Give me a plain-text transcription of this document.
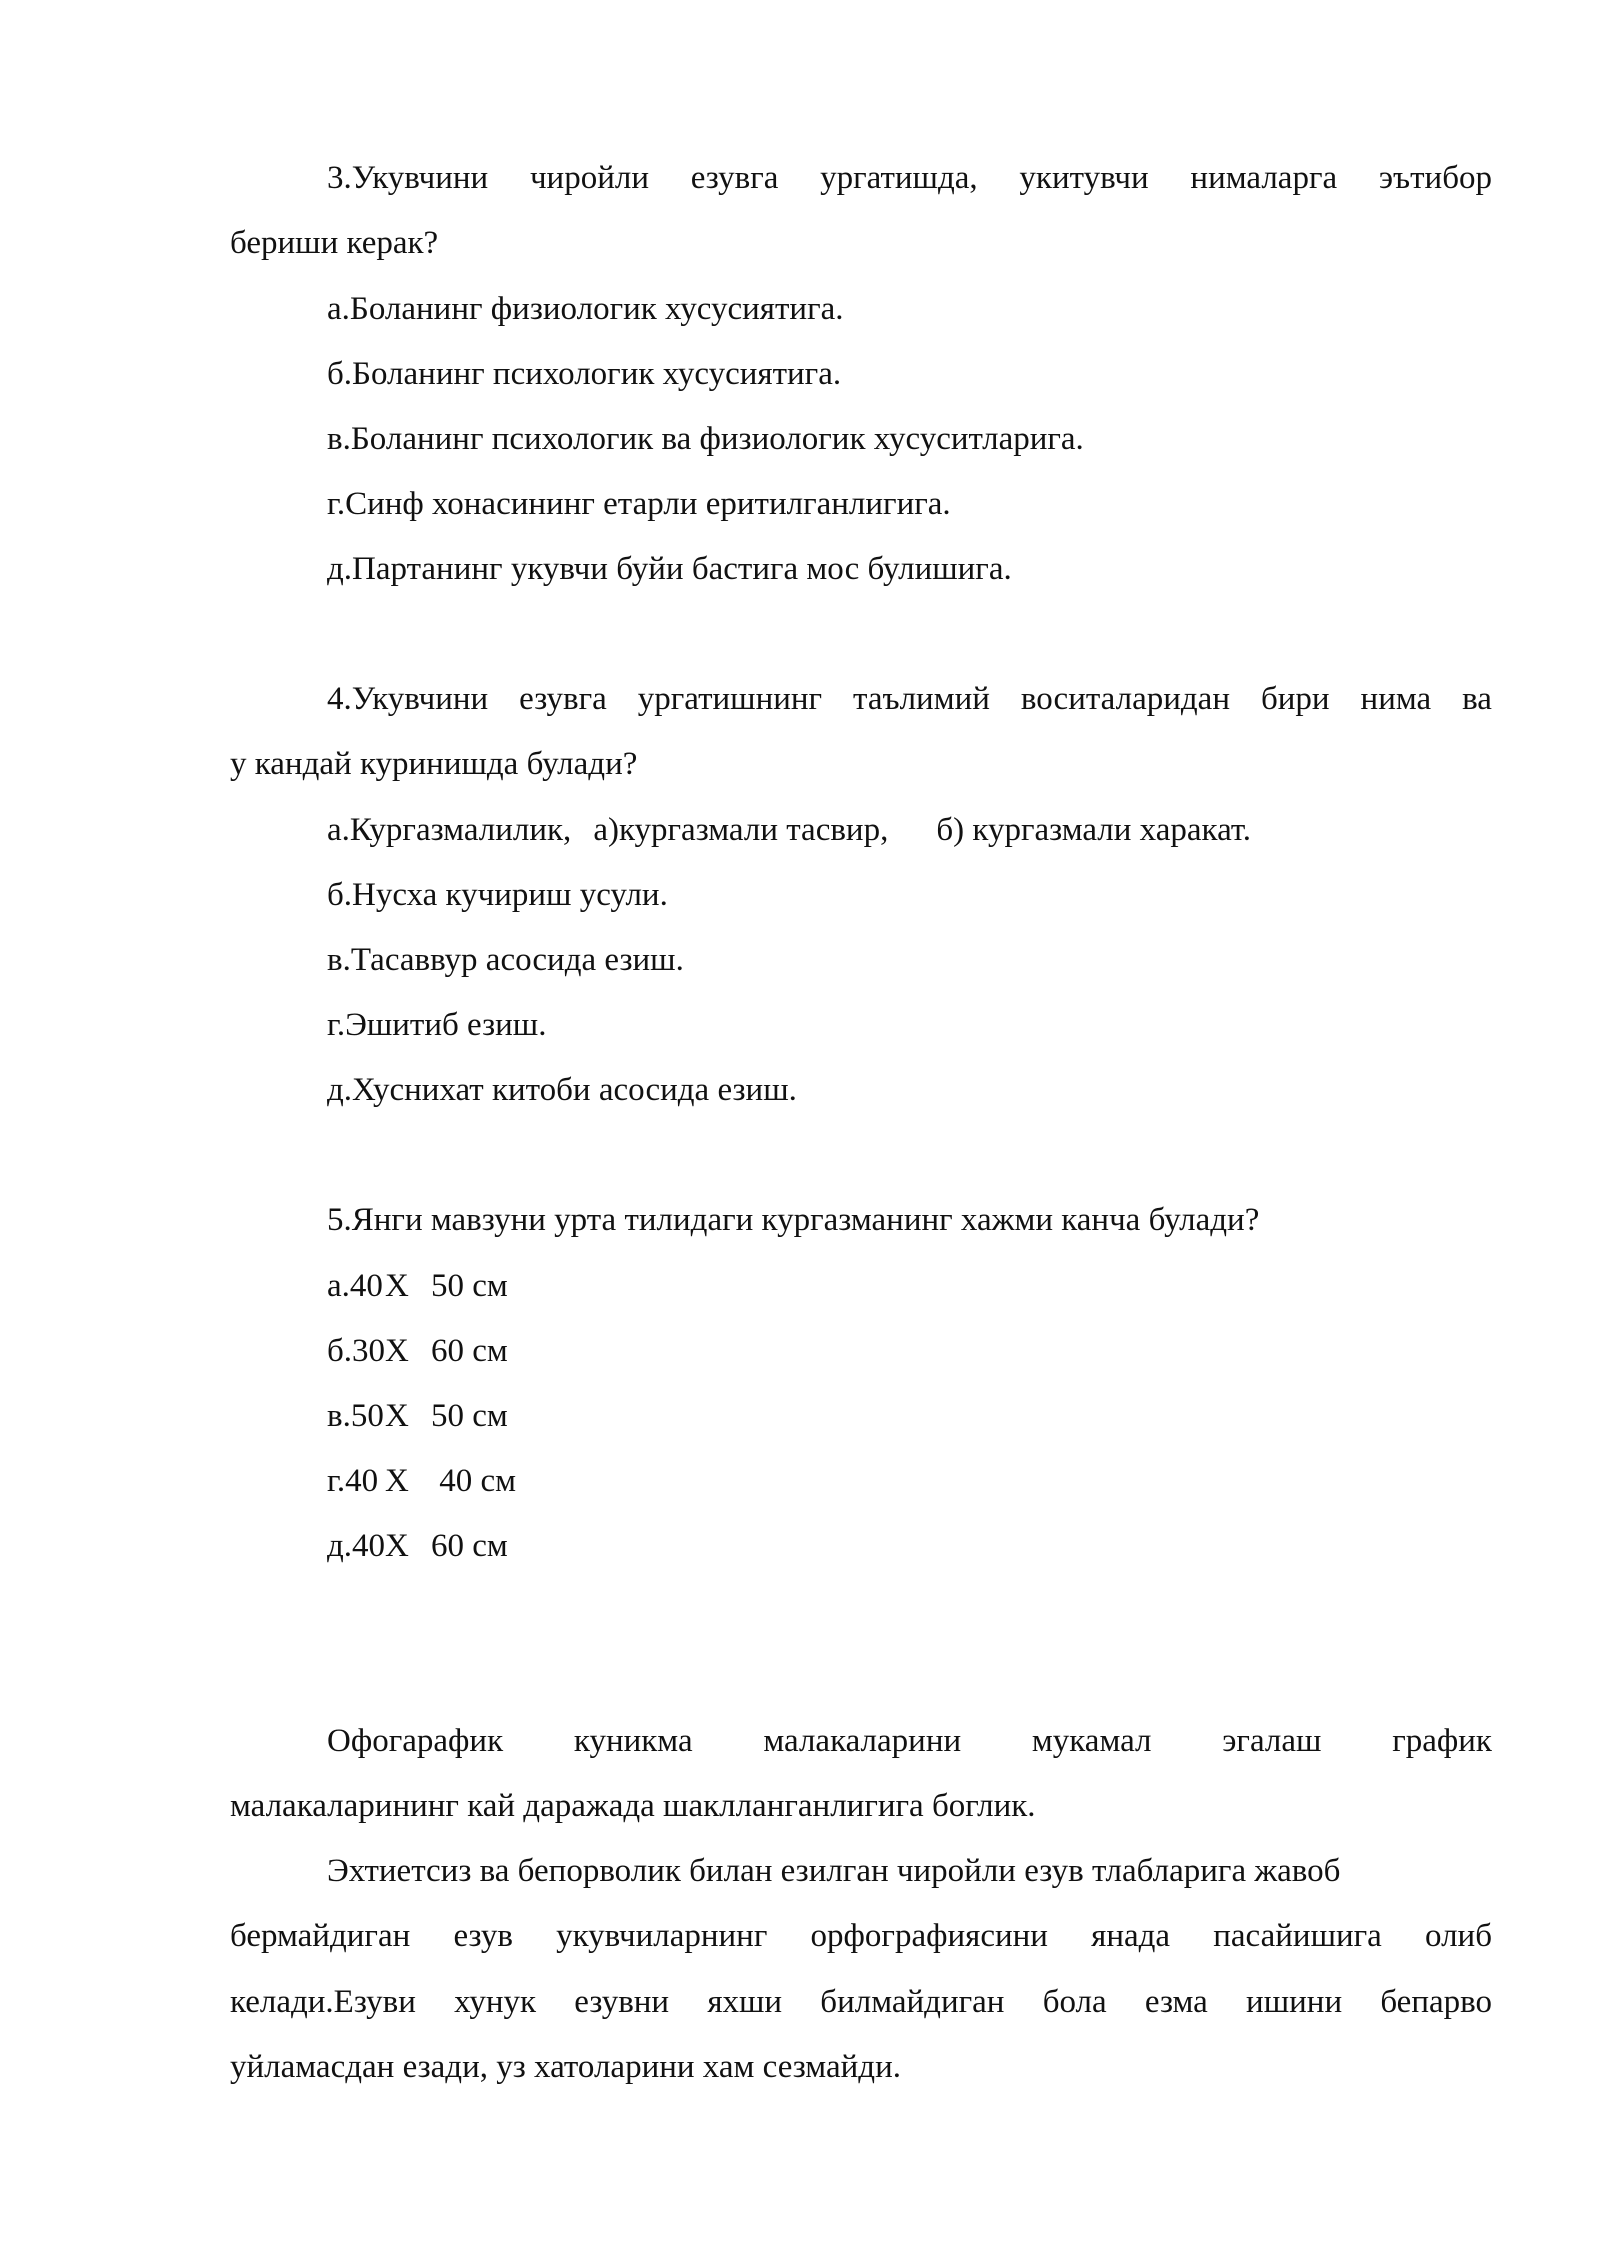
3.Укувчини чиройли езувга ургатишда, укитувчи нималарга эътибор
бериши керак?
а.Боланинг физиологик хусусиятига.
б.Боланинг психологик хусусиятига.
в.Боланинг психологик ва физиологик хусуситларига.
г.Синф хонасининг етарли еритилганлигига.
д.Партанинг укувчи буйи бастига мос булишига.
4.Укувчини езувга ургатишнинг таълимий воситаларидан бири нима ва
у кандай куринишда булади?
а.Кургазмалилик, а)кургазмали тасвир, б) кургазмали харакат.
б.Нусха кучириш усули.
в.Тасаввур асосида езиш.
г.Эшитиб езиш.
д.Хуснихат китоби асосида езиш.
5.Янги мавзуни урта тилидаги кургазманинг хажми канча булади?
а.40Х 50 см
б.30Х 60 см
в.50Х 50 см
г.40 Х 40 см
д.40Х 60 см
Офогарафик куникма малакаларини мукамал эгалаш график
малакаларининг кай даражада шаклланганлигига боглик.
Эхтиетсиз ва бепорволик билан езилган чиройли езув тлабларига жавоб
бермайдиган езув укувчиларнинг орфографиясини янада пасайишига олиб
келади.Езуви хунук езувни яхши билмайдиган бола езма ишини бепарво
уйламасдан езади, уз хатоларини хам сезмайди.
